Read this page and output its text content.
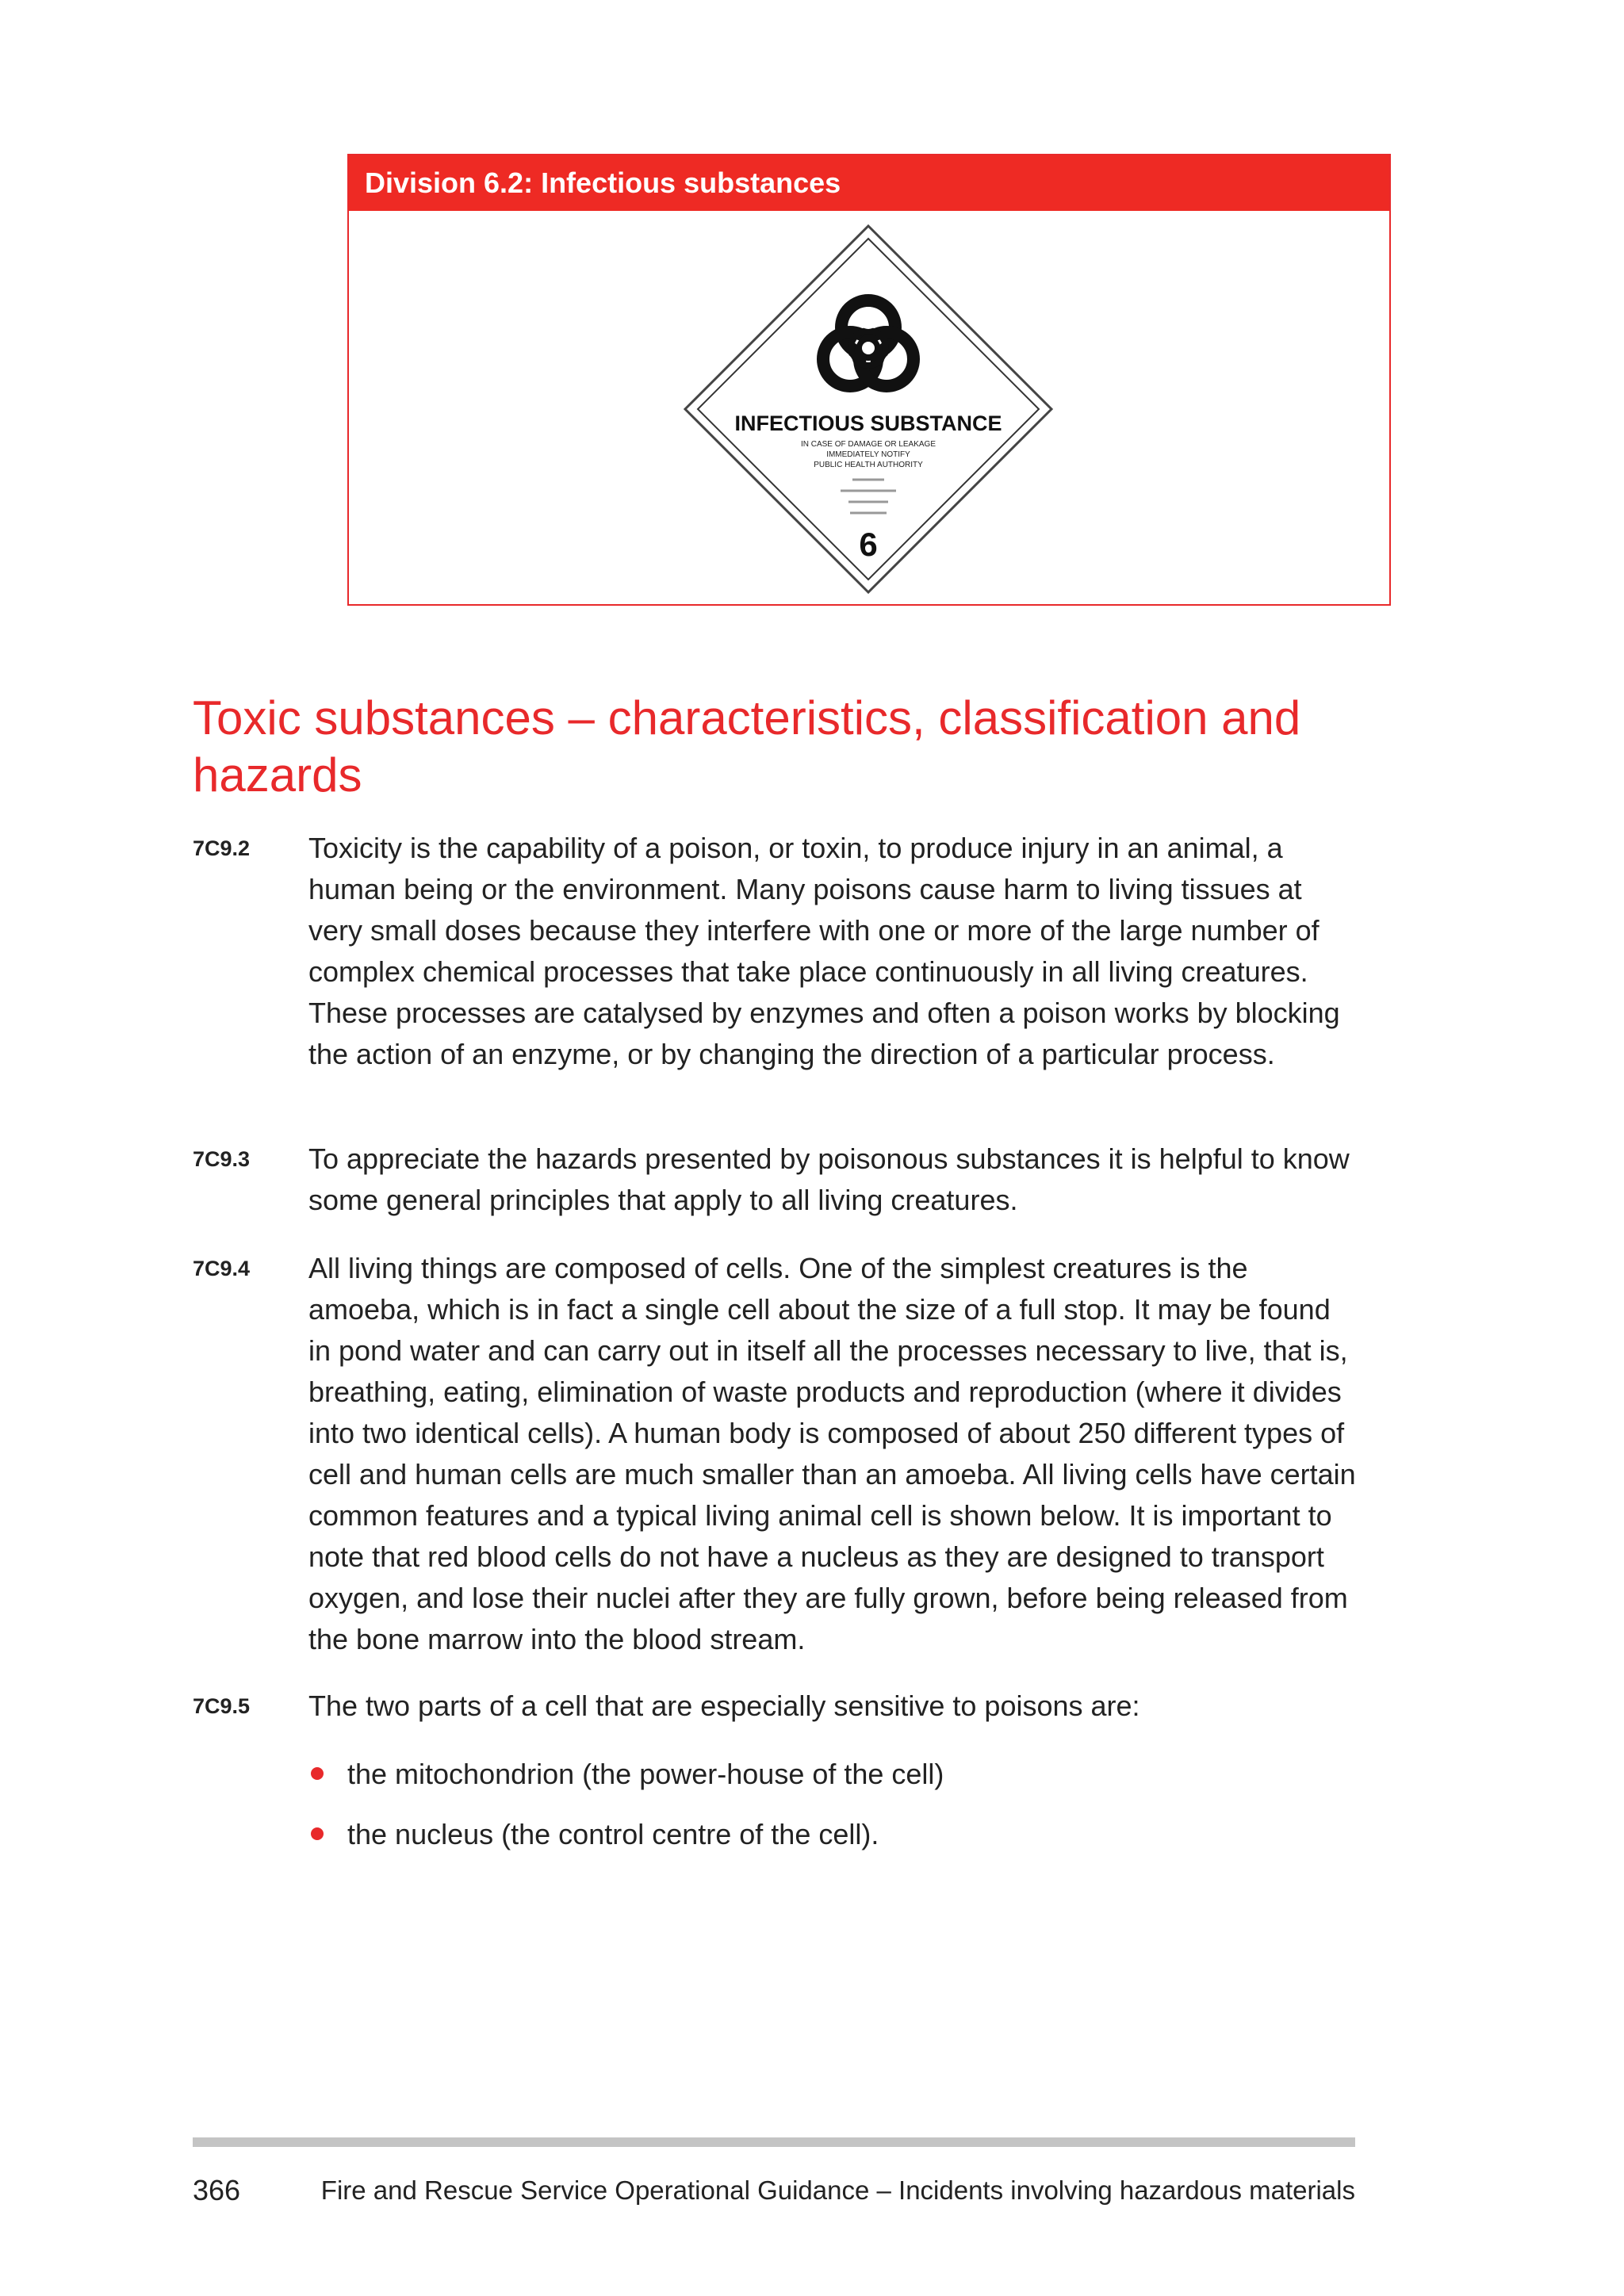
Division 6.2: Infectious substances
INFECTIOUS SUBSTANCE
IN CASE OF DAMAGE OR LEAKAGE
IMMEDIATELY NOTIFY
PUBLIC HEALTH AUTHORITY
6
Toxic substances – characteristics, classification and hazards
7C9.2 Toxicity is the capability of a poison, or toxin, to produce injury in an animal, a human being or the environment. Many poisons cause harm to living tissues at very small doses because they interfere with one or more of the large number of complex chemical processes that take place continuously in all living creatures. These processes are catalysed by enzymes and often a poison works by blocking the action of an enzyme, or by changing the direction of a particular process.

7C9.3 To appreciate the hazards presented by poisonous substances it is helpful to know some general principles that apply to all living creatures.

7C9.4 All living things are composed of cells. One of the simplest creatures is the amoeba, which is in fact a single cell about the size of a full stop. It may be found in pond water and can carry out in itself all the processes necessary to live, that is, breathing, eating, elimination of waste products and reproduction (where it divides into two identical cells). A human body is composed of about 250 different types of cell and human cells are much smaller than an amoeba. All living cells have certain common features and a typical living animal cell is shown below. It is important to note that red blood cells do not have a nucleus as they are designed to transport oxygen, and lose their nuclei after they are fully grown, before being released from the bone marrow into the blood stream.

7C9.5 The two parts of a cell that are especially sensitive to poisons are:

the mitochondrion (the power-house of the cell)
the nucleus (the control centre of the cell).
366	Fire and Rescue Service Operational Guidance – Incidents involving hazardous materials
